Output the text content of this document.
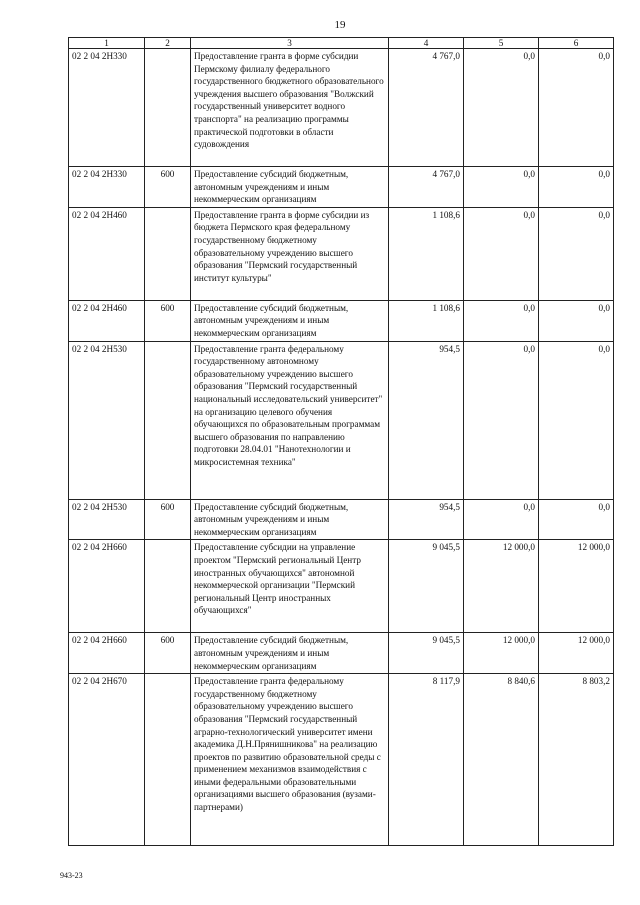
19
1	2	3	4	5	6
02 2 04 2Н330		Предоставление гранта в форме субсидии Пермскому филиалу федерального государственного бюджетного образовательного учреждения высшего образования "Волжский государственный университет водного транспорта" на реализацию программы практической подготовки в области судовождения	4 767,0	0,0	0,0
02 2 04 2Н330	600	Предоставление субсидий бюджетным, автономным учреждениям и иным некоммерческим организациям	4 767,0	0,0	0,0
02 2 04 2Н460		Предоставление гранта в форме субсидии из бюджета Пермского края федеральному государственному бюджетному образовательному учреждению высшего образования "Пермский государственный институт культуры"	1 108,6	0,0	0,0
02 2 04 2Н460	600	Предоставление субсидий бюджетным, автономным учреждениям и иным некоммерческим организациям	1 108,6	0,0	0,0
02 2 04 2Н530		Предоставление гранта федеральному государственному автономному образовательному учреждению высшего образования "Пермский государственный национальный исследовательский университет" на организацию целевого обучения обучающихся по образовательным программам высшего образования по направлению подготовки 28.04.01 "Нанотехнологии и микросистемная техника"	954,5	0,0	0,0
02 2 04 2Н530	600	Предоставление субсидий бюджетным, автономным учреждениям и иным некоммерческим организациям	954,5	0,0	0,0
02 2 04 2Н660		Предоставление субсидии на управление проектом "Пермский региональный Центр иностранных обучающихся" автономной некоммерческой организации "Пермский региональный Центр иностранных обучающихся"	9 045,5	12 000,0	12 000,0
02 2 04 2Н660	600	Предоставление субсидий бюджетным, автономным учреждениям и иным некоммерческим организациям	9 045,5	12 000,0	12 000,0
02 2 04 2Н670		Предоставление гранта федеральному государственному бюджетному образовательному учреждению высшего образования "Пермский государственный аграрно-технологический университет имени академика Д.Н.Прянишникова" на реализацию проектов по развитию образовательной среды с применением механизмов взаимодействия с иными федеральными образовательными организациями высшего образования (вузами-партнерами)	8 117,9	8 840,6	8 803,2
943-23
